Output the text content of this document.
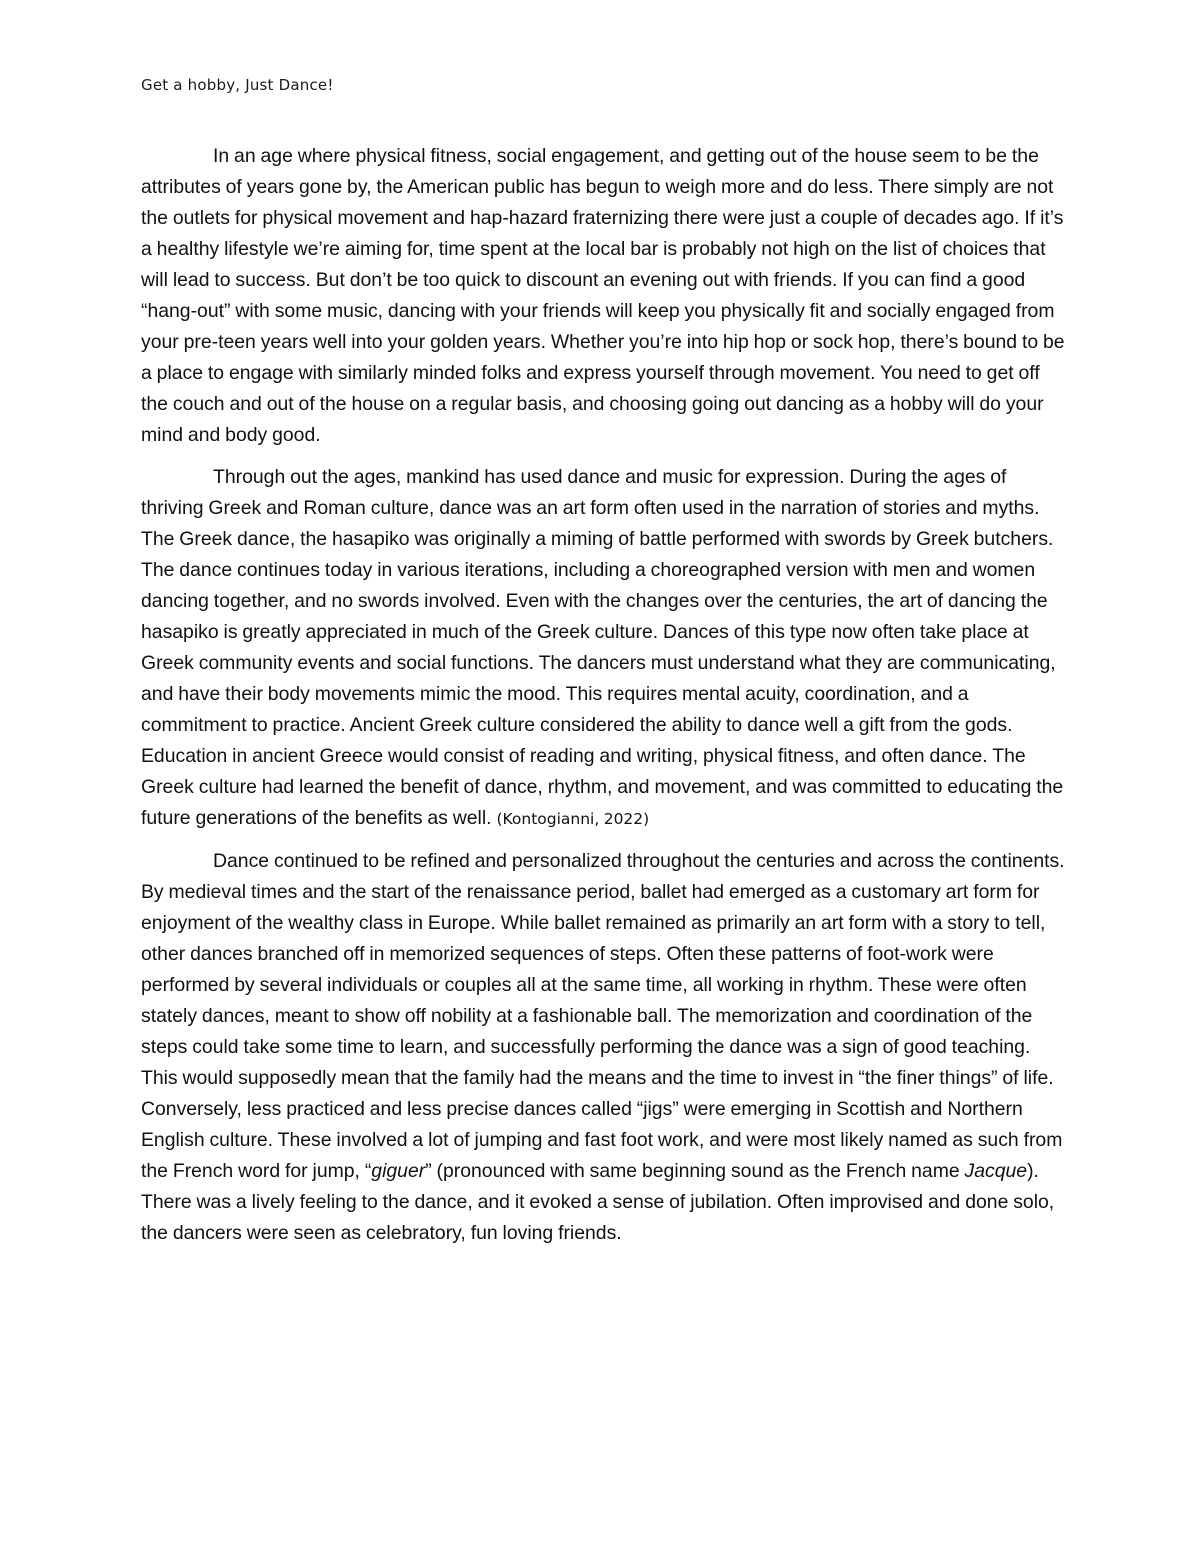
Get a hobby, Just Dance!

In an age where physical fitness, social engagement, and getting out of the house seem to be the attributes of years gone by, the American public has begun to weigh more and do less. There simply are not the outlets for physical movement and hap-hazard fraternizing there were just a couple of decades ago. If it’s a healthy lifestyle we’re aiming for, time spent at the local bar is probably not high on the list of choices that will lead to success. But don’t be too quick to discount an evening out with friends. If you can find a good “hang-out” with some music, dancing with your friends will keep you physically fit and socially engaged from your pre-teen years well into your golden years. Whether you’re into hip hop or sock hop, there’s bound to be a place to engage with similarly minded folks and express yourself through movement. You need to get off the couch and out of the house on a regular basis, and choosing going out dancing as a hobby will do your mind and body good.

Through out the ages, mankind has used dance and music for expression. During the ages of thriving Greek and Roman culture, dance was an art form often used in the narration of stories and myths. The Greek dance, the hasapiko was originally a miming of battle performed with swords by Greek butchers. The dance continues today in various iterations, including a choreographed version with men and women dancing together, and no swords involved. Even with the changes over the centuries, the art of dancing the hasapiko is greatly appreciated in much of the Greek culture. Dances of this type now often take place at Greek community events and social functions. The dancers must understand what they are communicating, and have their body movements mimic the mood. This requires mental acuity, coordination, and a commitment to practice. Ancient Greek culture considered the ability to dance well a gift from the gods. Education in ancient Greece would consist of reading and writing, physical fitness, and often dance. The Greek culture had learned the benefit of dance, rhythm, and movement, and was committed to educating the future generations of the benefits as well. (Kontogianni, 2022)

Dance continued to be refined and personalized throughout the centuries and across the continents. By medieval times and the start of the renaissance period, ballet had emerged as a customary art form for enjoyment of the wealthy class in Europe. While ballet remained as primarily an art form with a story to tell, other dances branched off in memorized sequences of steps. Often these patterns of foot-work were performed by several individuals or couples all at the same time, all working in rhythm. These were often stately dances, meant to show off nobility at a fashionable ball. The memorization and coordination of the steps could take some time to learn, and successfully performing the dance was a sign of good teaching. This would supposedly mean that the family had the means and the time to invest in “the finer things” of life. Conversely, less practiced and less precise dances called “jigs” were emerging in Scottish and Northern English culture. These involved a lot of jumping and fast foot work, and were most likely named as such from the French word for jump, “giguer” (pronounced with same beginning sound as the French name Jacque). There was a lively feeling to the dance, and it evoked a sense of jubilation. Often improvised and done solo, the dancers were seen as celebratory, fun loving friends.
